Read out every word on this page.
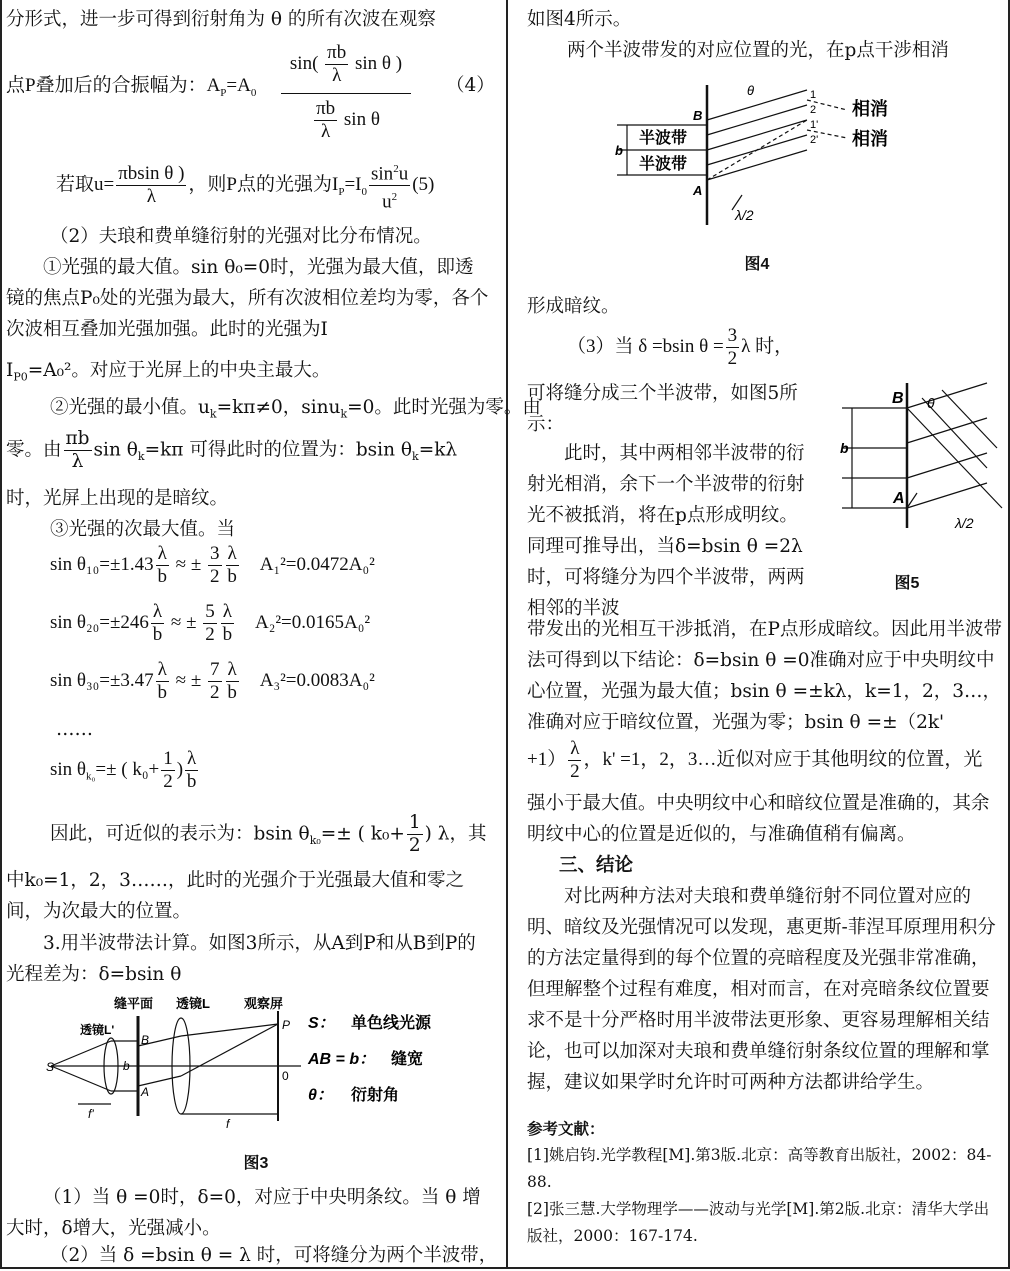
分形式，进一步可得到衍射角为 θ 的所有次波在观察
点P叠加后的合振幅为：$A_P=A_0$
$\sin( \frac{\pi b}{\lambda}$ sin θ )
$\frac{\pi b}{\lambda}$ sin θ
（4）
若取$u= \frac{\text{πbsin θ )}}{\lambda}$ ，则P点的光强为$I_P=I_0 \frac{\sin^2u}{u^2} (5)$

（2）夫琅和费单缝衍射的光强对比分布情况。

①光强的最大值。sin θ₀=0时，光强为最大值，即透镜的焦点P₀处的光强为最大，所有次波相位差均为零，各个次波相互叠加光强加强。此时的光强为I

$I_{P0}=A_0^2$。对应于光屏上的中央主最大。
②光强的最小值。$u_k=k\pi\ne 0$，sinu$_k$=0。此时光强为零。由
零。由 $\frac{\pi b}{\lambda}$ $\sin \theta_k=k\pi$ 可得此时的位置为：bsin $\theta_k=k\lambda$
时，光屏上出现的是暗纹。
③光强的次最大值。当
$\sin \theta_{10}=\pm 1.43 \frac{\lambda}{b}$ ≈ ± $\frac{3}{2} \frac{\lambda}{b} A_1^2=0.0472A_0^2$
$\sin \theta_{20}=\pm 246 \frac{\lambda}{b}$ ≈ ± $\frac{5}{2} \frac{\lambda}{b} A_2^2=0.0165A_0^2$
$\sin \theta_{30}=\pm 3.47 \frac{\lambda}{b}$ ≈ ± $\frac{7}{2} \frac{\lambda}{b} A_3^2=0.0083A_0^2$
……
$\sin \theta_{k_0}=\pm$ ( $k_0+ \frac{1}{2}$ ) $\frac{\lambda}{b}$
因此，可近似的表示为：bsin $\theta_{k_0}=\pm$ ( $k_0+ \frac{1}{2}$ ) λ，其
中k₀=1，2，3……，此时的光强介于光强最大值和零之间，为次最大的位置。
3.用半波带法计算。如图3所示，从A到P和从B到P的光程差为：δ=bsin θ
缝平面 透镜L	观察屏
透镜L'
S
B
A
b
P
0
f'
f
S： 单色线光源
AB = b： 缝宽
θ： 衍射角
图3
（1）当 θ =0时，δ=0，对应于中央明条纹。当 θ 增大时，δ增大，光强减小。
（2）当 δ =bsin θ = λ 时，可将缝分为两个半波带，
如图4所示。
两个半波带发的对应位置的光，在p点干涉相消
半波带
半波带
相消
相消
B
A
b
θ
λ/2
1
2
1'
2'
图4
形成暗纹。
（3）当 δ =bsin $\theta = \frac{3}{2}$ λ 时，
可将缝分成三个半波带，如图5所示：
此时，其中两相邻半波带的衍射光相消，余下一个半波带的衍射光不被抵消，将在p点形成明纹。同理可推导出，当δ=bsin θ =2λ时，可将缝分为四个半波带，两两相邻的半波
B
A
b
θ
λ/2
图5
带发出的光相互干涉抵消，在P点形成暗纹。因此用半波带法可得到以下结论：δ=bsin θ =0准确对应于中央明纹中心位置，光强为最大值；bsin θ =±kλ，k=1，2，3…，准确对应于暗纹位置，光强为零；bsin θ =±（2k'
$+1) \frac{\lambda}{2}$ ，k' =1，2，3…近似对应于其他明纹的位置，光
强小于最大值。中央明纹中心和暗纹位置是准确的，其余明纹中心的位置是近似的，与准确值稍有偏离。
三、结论
对比两种方法对夫琅和费单缝衍射不同位置对应的明、暗纹及光强情况可以发现，惠更斯-菲涅耳原理用积分的方法定量得到的每个位置的亮暗程度及光强非常准确，但理解整个过程有难度，相对而言，在对亮暗条纹位置要求不是十分严格时用半波带法更形象、更容易理解相关结论，也可以加深对夫琅和费单缝衍射条纹位置的理解和掌握，建议如果学时允许时可两种方法都讲给学生。
参考文献：
[1]姚启钧.光学教程[M].第3版.北京：高等教育出版社，2002：84-88.
[2]张三慧.大学物理学——波动与光学[M].第2版.北京：清华大学出版社，2000：167-174.
